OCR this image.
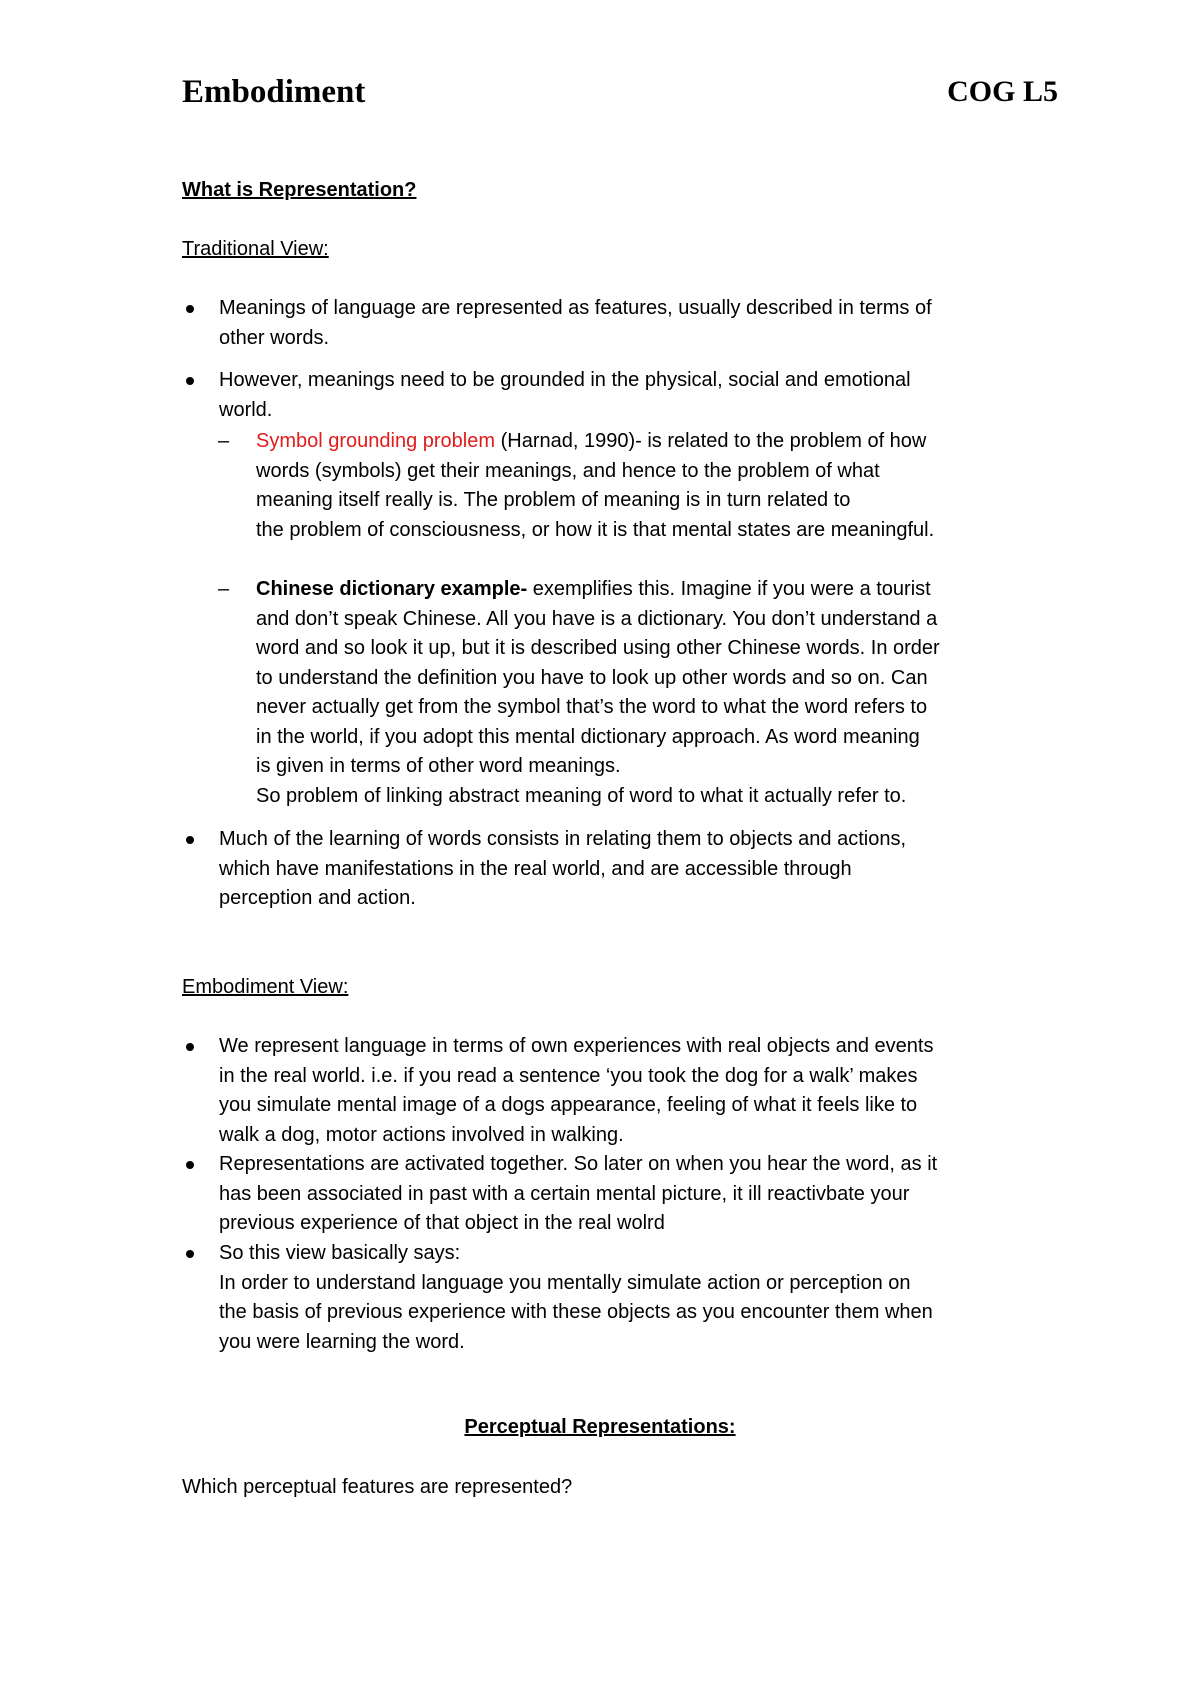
Embodiment	COG L5
What is Representation?
Traditional View:
Meanings of language are represented as features, usually described in terms of
other words.
However, meanings need to be grounded in the physical, social and emotional
world.
– Symbol grounding problem (Harnad, 1990)- is related to the problem of how
words (symbols) get their meanings, and hence to the problem of what
meaning itself really is. The problem of meaning is in turn related to
the problem of consciousness, or how it is that mental states are meaningful.
– Chinese dictionary example- exemplifies this. Imagine if you were a tourist
and don’t speak Chinese. All you have is a dictionary. You don’t understand a
word and so look it up, but it is described using other Chinese words. In order
to understand the definition you have to look up other words and so on. Can
never actually get from the symbol that’s the word to what the word refers to
in the world, if you adopt this mental dictionary approach. As word meaning
is given in terms of other word meanings.
So problem of linking abstract meaning of word to what it actually refer to.
Much of the learning of words consists in relating them to objects and actions,
which have manifestations in the real world, and are accessible through
perception and action.
Embodiment View:
We represent language in terms of own experiences with real objects and events
in the real world. i.e. if you read a sentence ‘you took the dog for a walk’ makes
you simulate mental image of a dogs appearance, feeling of what it feels like to
walk a dog, motor actions involved in walking.
Representations are activated together. So later on when you hear the word, as it
has been associated in past with a certain mental picture, it ill reactivbate your
previous experience of that object in the real wolrd
So this view basically says:
In order to understand language you mentally simulate action or perception on
the basis of previous experience with these objects as you encounter them when
you were learning the word.
Perceptual Representations:
Which perceptual features are represented?
